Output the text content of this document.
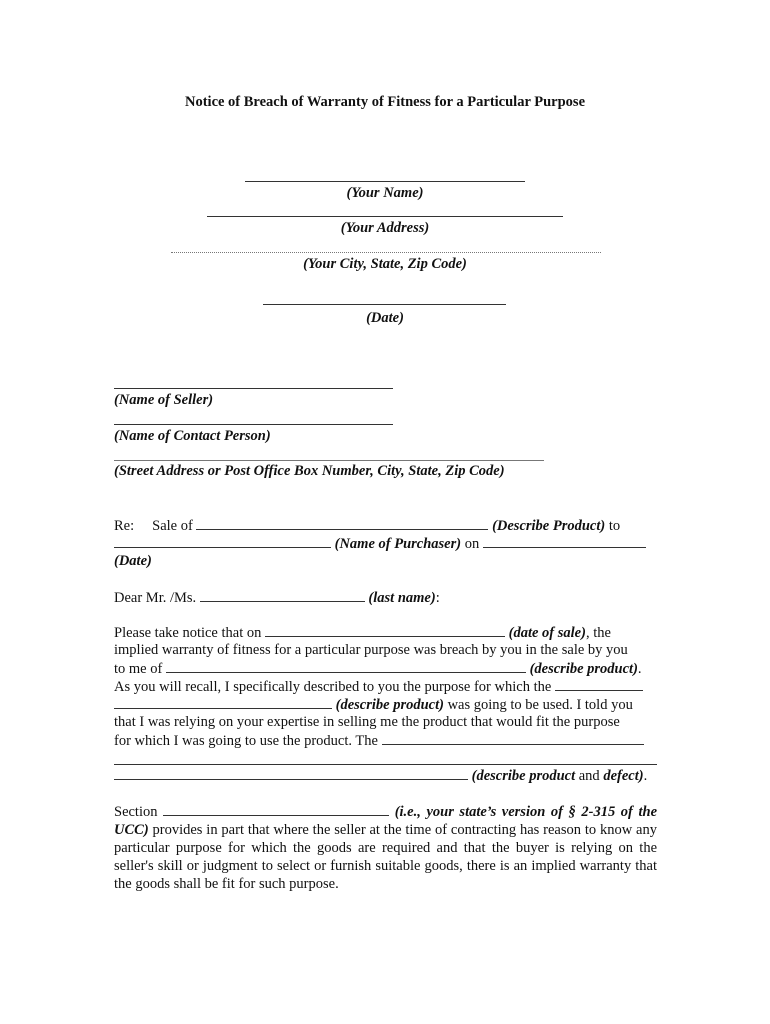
Notice of Breach of Warranty of Fitness for a Particular Purpose
(Your Name)
(Your Address)
(Your City, State, Zip Code)
(Date)
(Name of Seller)
(Name of Contact Person)
(Street Address or Post Office Box Number, City, State, Zip Code)
Re: Sale of	(Describe Product) to
(Name of Purchaser) on
(Date)
Dear Mr. /Ms.	(last name):
Please take notice that on	(date of sale), the
implied warranty of fitness for a particular purpose was breach by you in the sale by you
to me of	(describe product).
As you will recall, I specifically described to you the purpose for which the
(describe product) was going to be used. I told you
that I was relying on your expertise in selling me the product that would fit the purpose
for which I was going to use the product. The
(describe product and defect).
Section	(i.e., your state’s version of § 2-315 of the UCC) provides in part that where the seller at the time of contracting has reason to know any particular purpose for which the goods are required and that the buyer is relying on the seller's skill or judgment to select or furnish suitable goods, there is an implied warranty that the goods shall be fit for such purpose.
